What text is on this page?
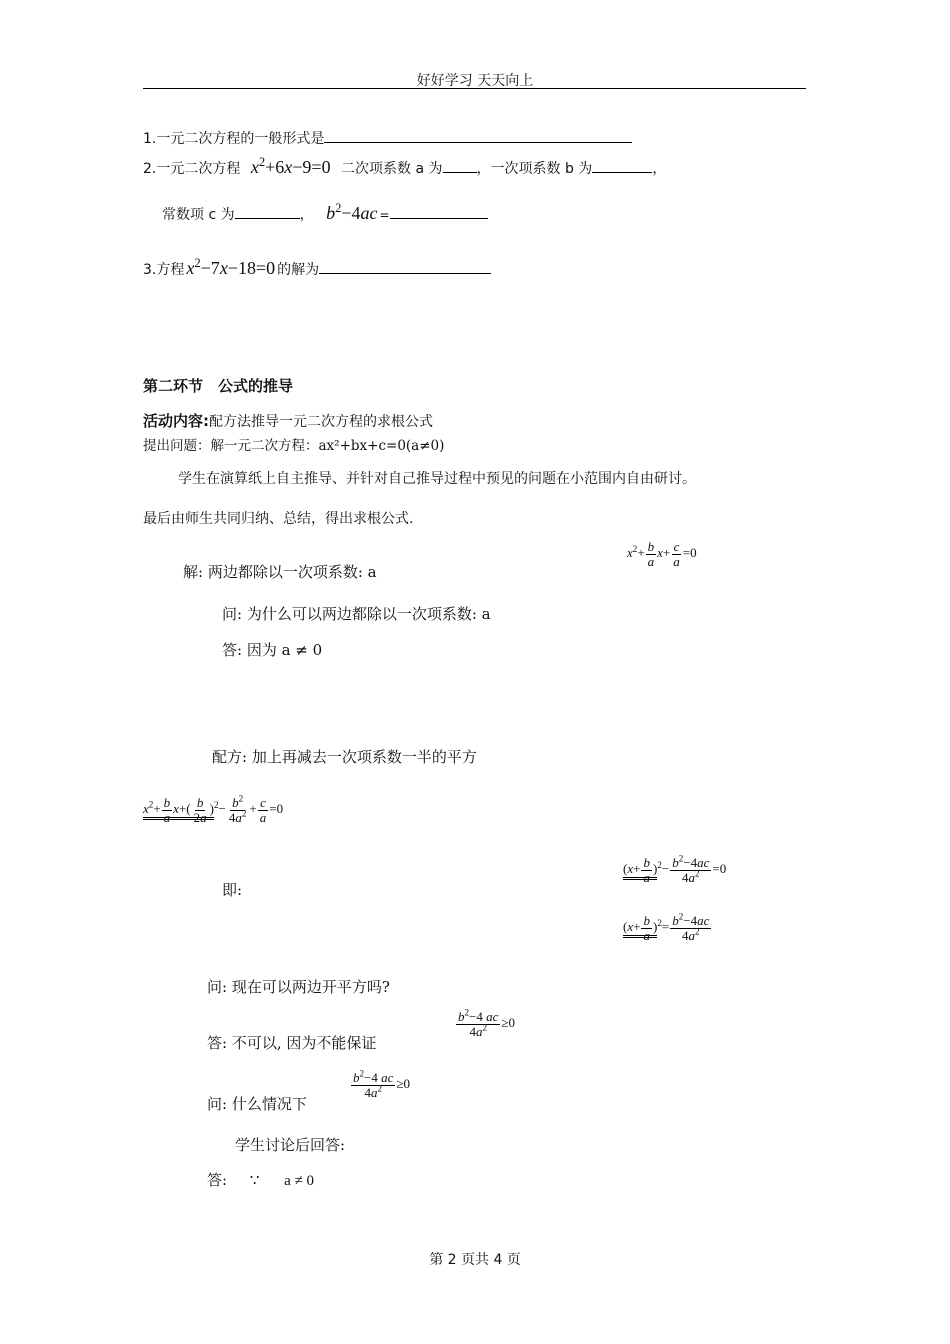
好好学习 天天向上
1.一元二次方程的一般形式是
2.一元二次方程 $x^2+6x-9=0$ 二次项系数 a 为 ，一次项系数 b 为	，
常数项 c 为	， $b^2-4ac$ =
3.方程 $x^2-7x-18=0$ 的解为
第二环节　公式的推导
活动内容:配方法推导一元二次方程的求根公式
提出问题：解一元二次方程：ax²+bx+c=0(a≠0)
学生在演算纸上自主推导、并针对自己推导过程中预见的问题在小范围内自由研讨。
最后由师生共同归纳、总结，得出求根公式.
解: 两边都除以一次项系数: a
$x^2+ \frac{b}{a} x+ \frac{c}{a} =0$
问: 为什么可以两边都除以一次项系数: a
答: 因为 a ≠ 0
配方: 加上再减去一次项系数一半的平方
$x^2+ \frac{b}{a} x+( \frac{b}{2a} )^2- \frac{b^2}{4a^2} + \frac{c}{a} =0$
即:
$(x+ \frac{b}{a} )^2- \frac{b^2-4ac}{4a^2} =0$
$(x+ \frac{b}{a} )^2= \frac{b^2-4ac}{4a^2}$
问: 现在可以两边开平方吗?
答: 不可以, 因为不能保证
$\frac{b^2-4 ac}{4a^2} \ge 0$
问: 什么情况下
$\frac{b^2-4 ac}{4a^2} \ge 0$
学生讨论后回答:
答: ∵ a ≠ 0
第 2 页共 4 页
